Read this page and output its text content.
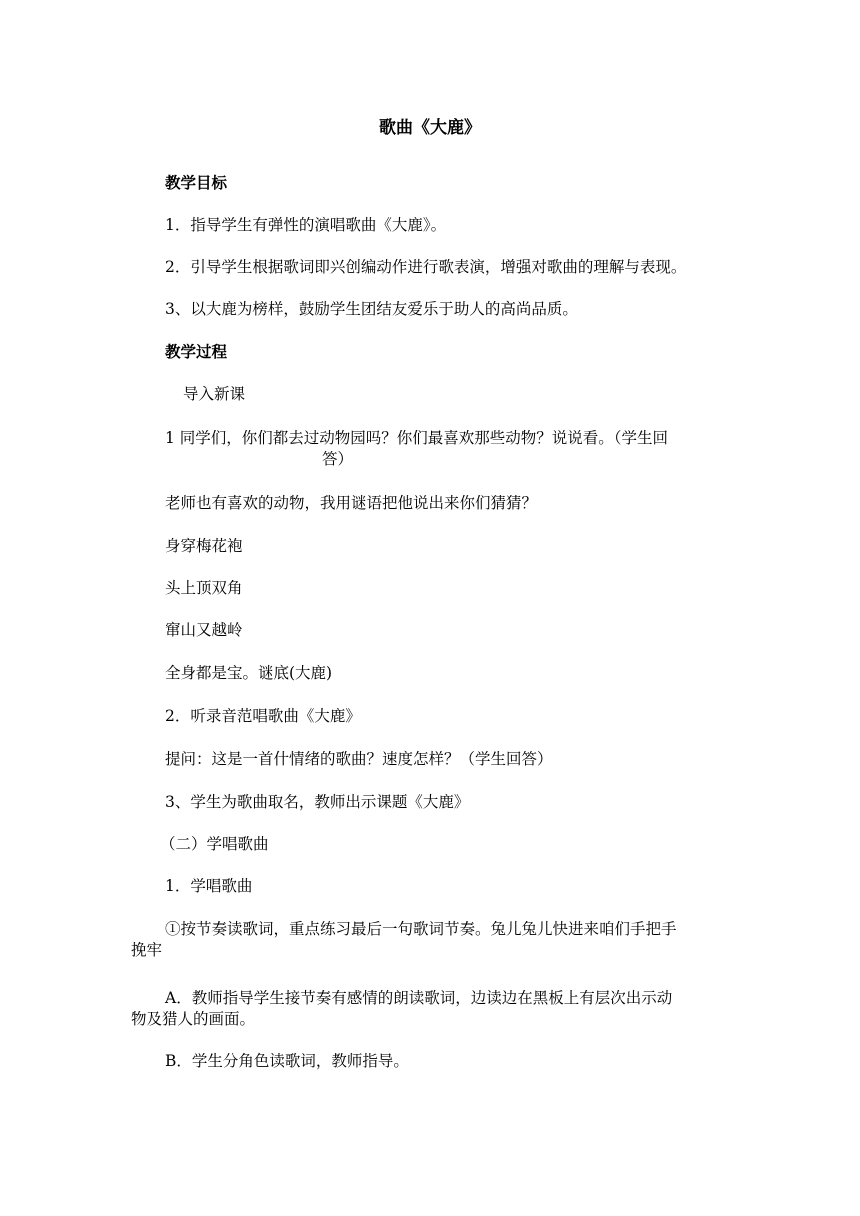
歌曲《大鹿》
教学目标
1．指导学生有弹性的演唱歌曲《大鹿》。
2．引导学生根据歌词即兴创编动作进行歌表演，增强对歌曲的理解与表现。
3、以大鹿为榜样，鼓励学生团结友爱乐于助人的高尚品质。
教学过程
导入新课
1 同学们，你们都去过动物园吗？你们最喜欢那些动物？说说看。（学生回
答）
老师也有喜欢的动物，我用谜语把他说出来你们猜猜？
身穿梅花袍
头上顶双角
窜山又越岭
全身都是宝。谜底(大鹿)
2．听录音范唱歌曲《大鹿》
提问：这是一首什情绪的歌曲？速度怎样？（学生回答）
3、学生为歌曲取名，教师出示课题《大鹿》
（二）学唱歌曲
1．学唱歌曲
①按节奏读歌词，重点练习最后一句歌词节奏。兔儿兔儿快进来咱们手把手
挽牢
A．教师指导学生接节奏有感情的朗读歌词，边读边在黑板上有层次出示动
物及猎人的画面。
B．学生分角色读歌词，教师指导。
